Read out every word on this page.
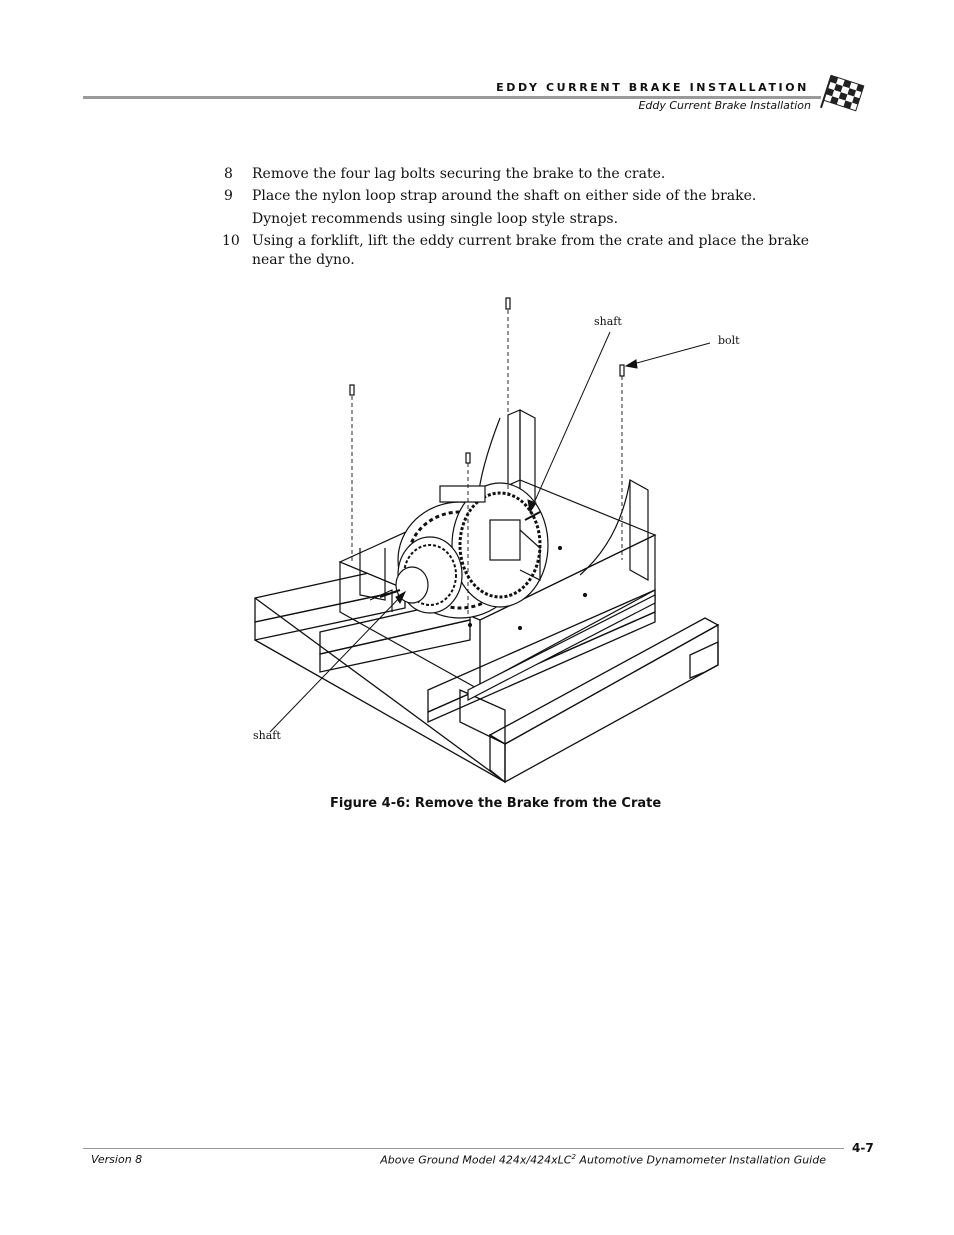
EDDY CURRENT BRAKE INSTALLATION
Eddy Current Brake Installation
8 Remove the four lag bolts securing the brake to the crate.
9 Place the nylon loop strap around the shaft on either side of the brake.
Dynojet recommends using single loop style straps.
10 Using a forklift, lift the eddy current brake from the crate and place the brake near the dyno.
shaft
bolt
shaft
Figure 4-6: Remove the Brake from the Crate
4-7
Version 8	Above Ground Model 424x/424xLC$^2$ Automotive Dynamometer Installation Guide
